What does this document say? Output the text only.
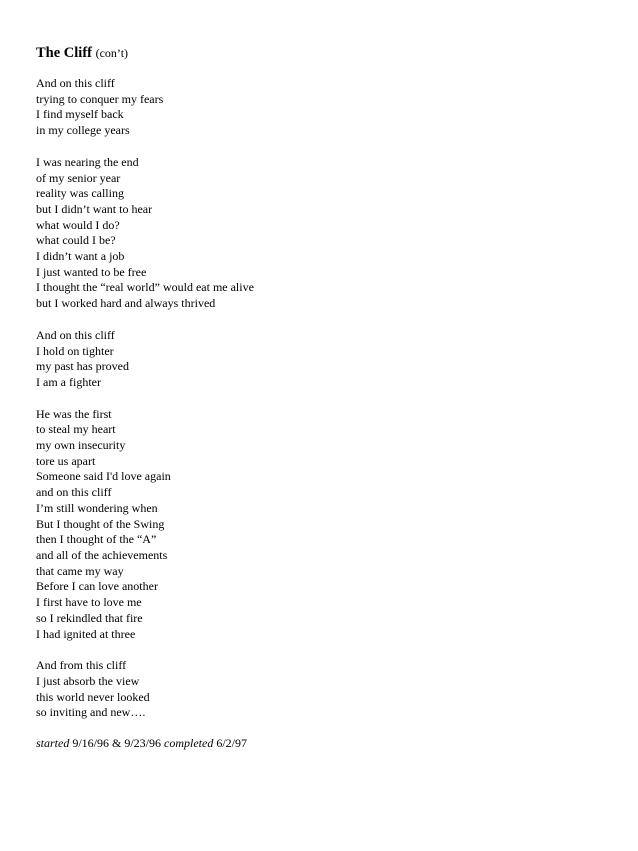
The Cliff (con’t)
And on this cliff
trying to conquer my fears
I find myself back
in my college years
I was nearing the end
of my senior year
reality was calling
but I didn’t want to hear
what would I do?
what could I be?
I didn’t want a job
I just wanted to be free
I thought the “real world” would eat me alive
but I worked hard and always thrived
And on this cliff
I hold on tighter
my past has proved
I am a fighter
He was the first
to steal my heart
my own insecurity
tore us apart
Someone said I'd love again
and on this cliff
I’m still wondering when
But I thought of the Swing
then I thought of the “A”
and all of the achievements
that came my way
Before I can love another
I first have to love me
so I rekindled that fire
I had ignited at three
And from this cliff
I just absorb the view
this world never looked
so inviting and new….
started 9/16/96 & 9/23/96 completed 6/2/97
